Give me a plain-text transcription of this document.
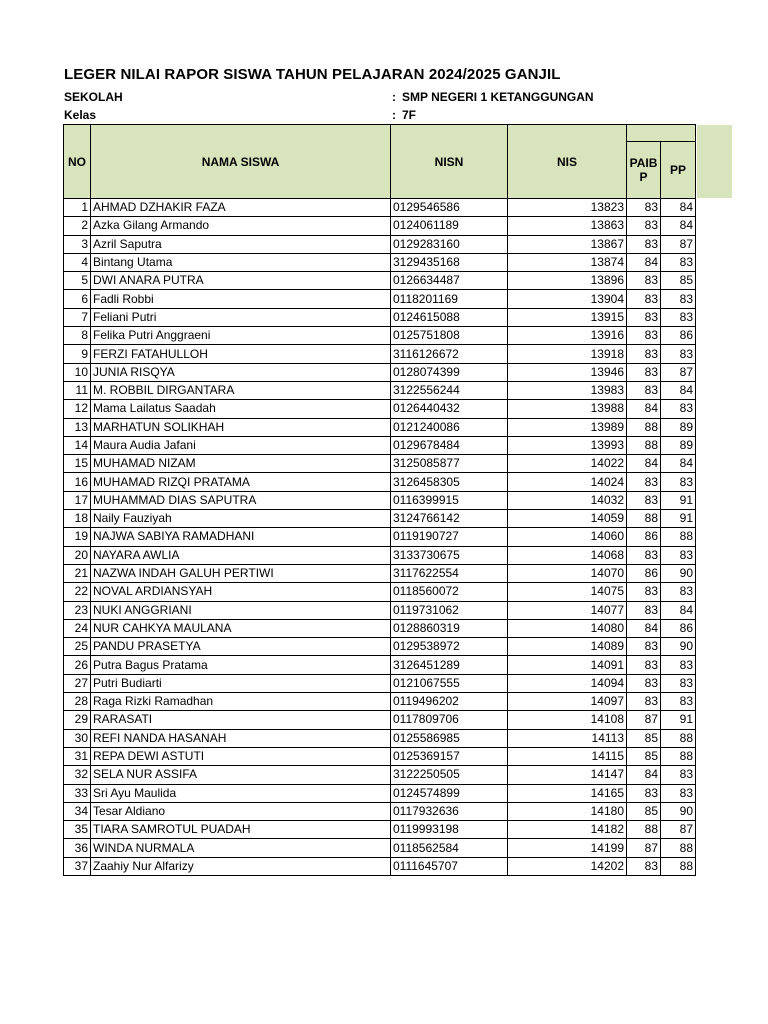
LEGER NILAI RAPOR SISWA TAHUN PELAJARAN 2024/2025 GANJIL
SEKOLAH	: SMP NEGERI 1 KETANGGUNGAN
Kelas	: 7F
NO	NAMA SISWA	NISN	NIS		
				PAIB P	PP
1	AHMAD DZHAKIR FAZA	0129546586	13823	83	84
2	Azka Gilang Armando	0124061189	13863	83	84
3	Azril Saputra	0129283160	13867	83	87
4	Bintang Utama	3129435168	13874	84	83
5	DWI ANARA PUTRA	0126634487	13896	83	85
6	Fadli Robbi	0118201169	13904	83	83
7	Feliani Putri	0124615088	13915	83	83
8	Felika Putri Anggraeni	0125751808	13916	83	86
9	FERZI FATAHULLOH	3116126672	13918	83	83
10	JUNIA RISQYA	0128074399	13946	83	87
11	M. ROBBIL DIRGANTARA	3122556244	13983	83	84
12	Mama Lailatus Saadah	0126440432	13988	84	83
13	MARHATUN SOLIKHAH	0121240086	13989	88	89
14	Maura Audia Jafani	0129678484	13993	88	89
15	MUHAMAD NIZAM	3125085877	14022	84	84
16	MUHAMAD RIZQI PRATAMA	3126458305	14024	83	83
17	MUHAMMAD DIAS SAPUTRA	0116399915	14032	83	91
18	Naily Fauziyah	3124766142	14059	88	91
19	NAJWA SABIYA RAMADHANI	0119190727	14060	86	88
20	NAYARA AWLIA	3133730675	14068	83	83
21	NAZWA INDAH GALUH PERTIWI	3117622554	14070	86	90
22	NOVAL ARDIANSYAH	0118560072	14075	83	83
23	NUKI ANGGRIANI	0119731062	14077	83	84
24	NUR CAHKYA MAULANA	0128860319	14080	84	86
25	PANDU PRASETYA	0129538972	14089	83	90
26	Putra Bagus Pratama	3126451289	14091	83	83
27	Putri Budiarti	0121067555	14094	83	83
28	Raga Rizki Ramadhan	0119496202	14097	83	83
29	RARASATI	0117809706	14108	87	91
30	REFI NANDA HASANAH	0125586985	14113	85	88
31	REPA DEWI ASTUTI	0125369157	14115	85	88
32	SELA NUR ASSIFA	3122250505	14147	84	83
33	Sri Ayu Maulida	0124574899	14165	83	83
34	Tesar Aldiano	0117932636	14180	85	90
35	TIARA SAMROTUL PUADAH	0119993198	14182	88	87
36	WINDA NURMALA	0118562584	14199	87	88
37	Zaahiy Nur Alfarizy	0111645707	14202	83	88
